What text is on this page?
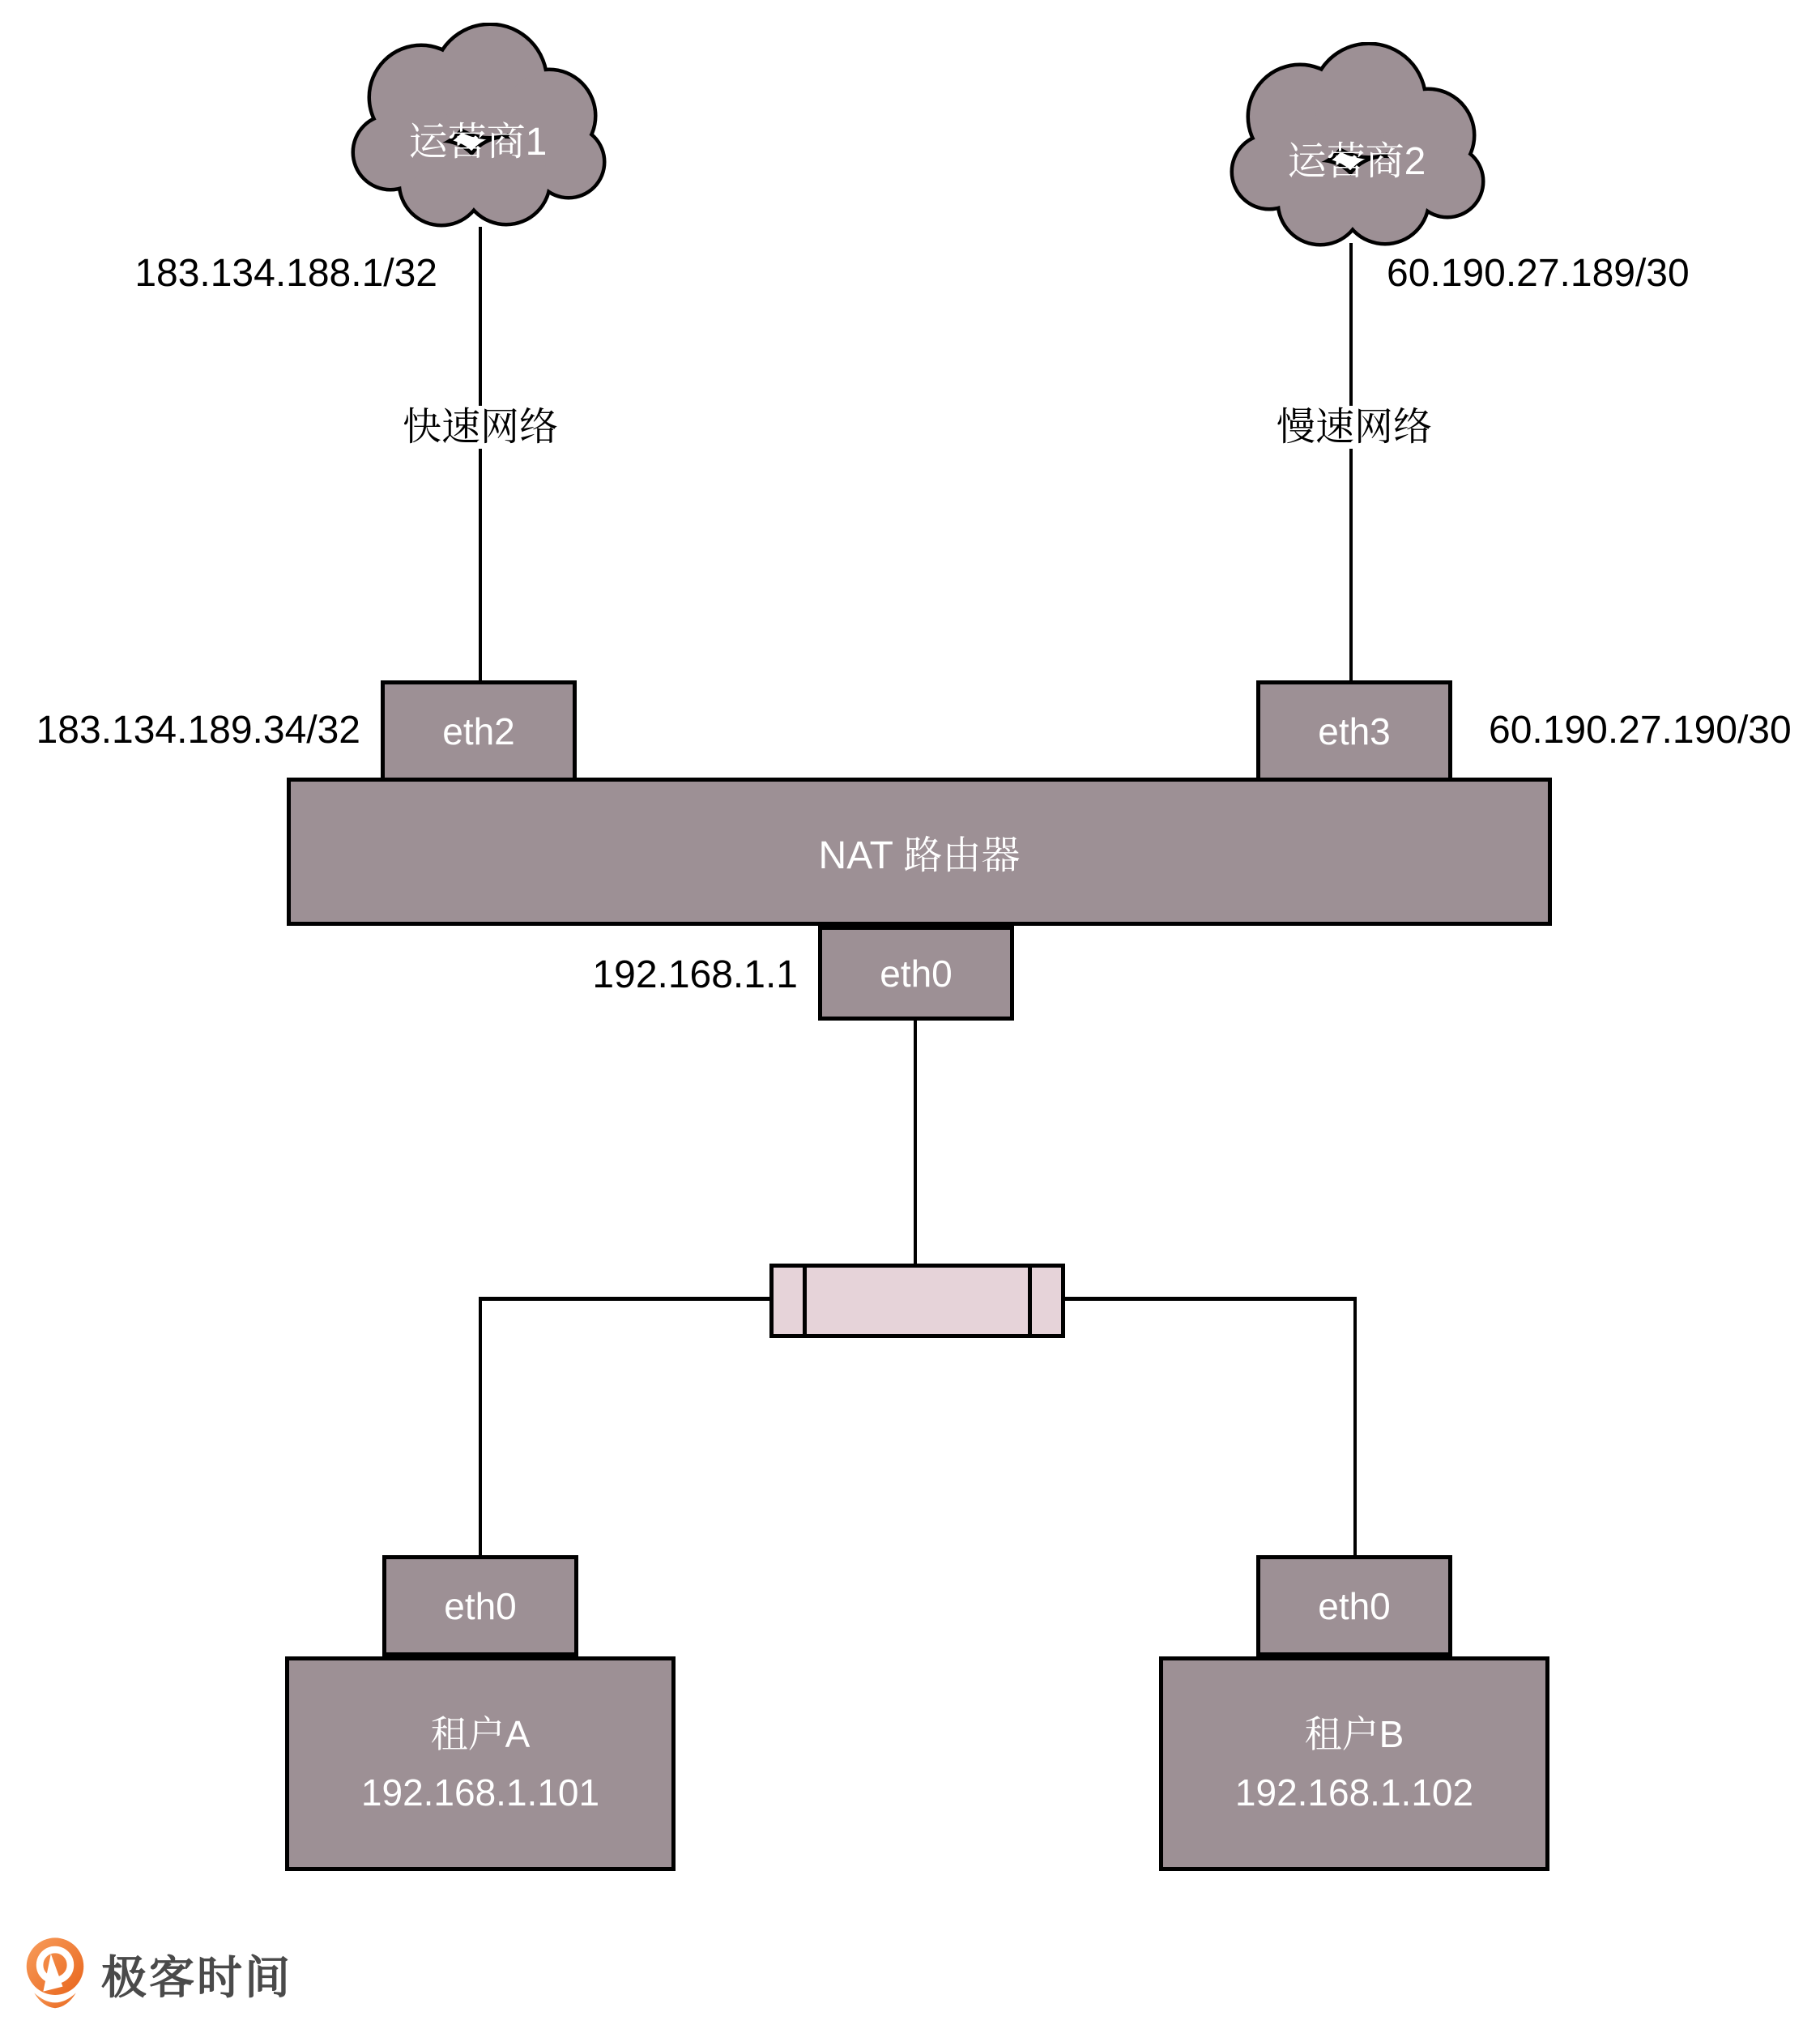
运营商1	运营商2
183.134.188.1/32	60.190.27.189/30
快速网络	慢速网络
eth2	eth3
183.134.189.34/32	60.190.27.190/30
NAT 路由器
eth0
192.168.1.1
eth0
租户A
192.168.1.101
eth0
租户B
192.168.1.102
极客时间
